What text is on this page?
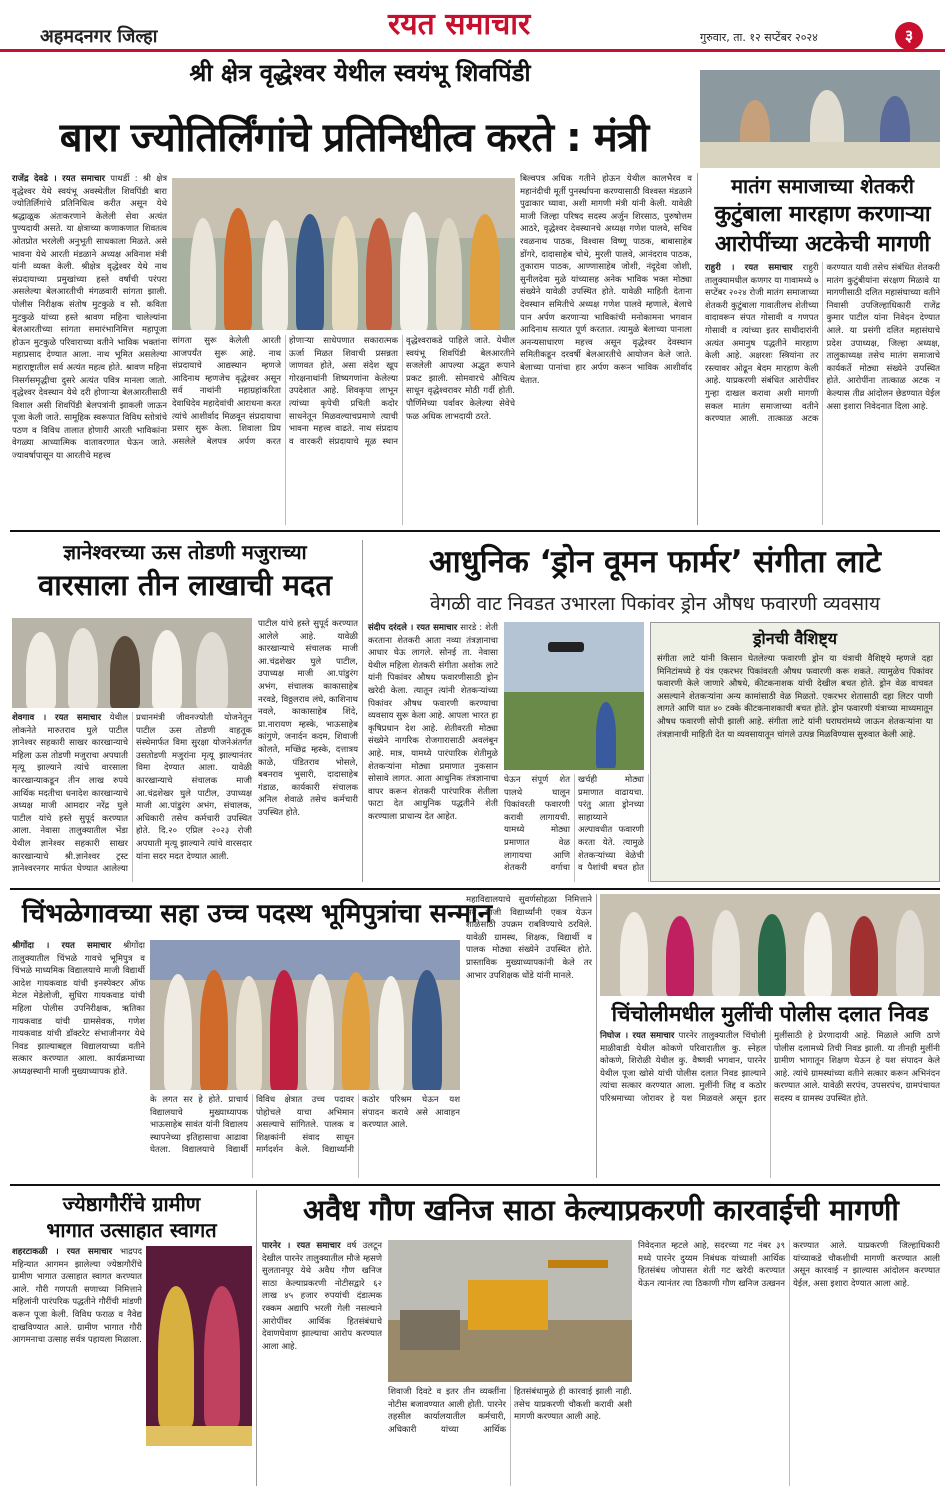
अहमदनगर जिल्हा	रयत समाचार	गुरुवार, ता. १२ सप्टेंबर २०२४	३
श्री क्षेत्र वृद्धेश्वर येथील स्वयंभू शिवपिंडी
बारा ज्योतिर्लिंगांचे प्रतिनिधीत्व करते : मंत्री
राजेंद्र देवढे । रयत समाचार पाथर्डी : श्री क्षेत्र वृद्धेश्वर येथे स्वयंभू अवस्थेतील शिवपिंडी बारा ज्योतिर्लिंगांचे प्रतिनिधित्व करीत असून येथे श्रद्धाळूक अंतःकरणाने केलेली सेवा अत्यंत पुण्यदायी असते. या क्षेत्राच्या कणाकणात शिवतत्व ओतप्रोत भरलेली अनुभूती साधकाला मिळते. असे भावना येथे आरती मंडळाने अध्यक्ष अविनाश मंत्री यांनी व्यक्त केली. श्रीक्षेत्र वृद्धेश्वर येथे नाथ संप्रदायाच्या प्रमुखांच्या हस्ते वर्षांची परंपरा असलेल्या बेलआरतीची मंगळवारी सांगता झाली. पोलीस निरीक्षक संतोष मुटकुळे व सौ. कविता मुटकुळे यांच्या हस्ते श्रावण महिना चालेल्यांना बेलआरतीच्या सांगता समारंभानिमित्त महापूजा होऊन मुटकुळे परिवाराच्या वतीने भाविक भक्तांना महाप्रसाद देण्यात आला. नाथ भूमित असलेल्या महाराष्ट्रातील सर्व अत्यंत महत्व होते. श्रावण महिना निसर्गसमृद्धीचा दुसरे अत्यंत पवित्र मानला जातो. वृद्धेश्वर देवस्थान येथे दरी होणाऱ्या बेलआरतीसाठी विशाल असी शिवपिंडी बेलपत्रांनी झाकली जाऊन पूजा केली जाते. सामूहिक स्वरूपात विविध स्तोत्रांचे पठण व विविध तालात होणारी आरती भाविकांना वेगळ्या आध्यात्मिक वातावरणात घेऊन जाते. ज्यावर्षापासून या आरतीचे महत्त्व
सांगता सुरू केलेली आरती आजपर्यंत सुरू आहे. नाथ संप्रदायाचे आद्यस्थान म्हणजे आदिनाथ म्हणजेच वृद्धेश्वर असून सर्व नाथांनी महाग्रहांकरिता देवाधिदेव महादेवांची आराधना करत त्यांचे आशीर्वाद मिळवून संप्रदायाचा प्रसार सुरू केला. शिवाला प्रिय असलेले बेलपत्र अर्पण करत होणाऱ्या साधेपणात सकारात्मक ऊर्जा मिळत शिवाची प्रसन्नता जाणवत होते, असा संदेश खूप गोरक्षनाथांनी शिष्यगणांना केलेल्या उपदेशात आहे. शिवकृपा लाभून त्यांच्या कृपेची प्रचिती कदोर साधनेतून मिळवल्याचप्रमाणे त्याची भावना महत्त्व वाढते. नाथ संप्रदाय व वारकरी संप्रदायाचे मूळ स्थान वृद्धेश्वराकडे पाहिले जाते. येथील स्वयंभू शिवपिंडी बेलआरतीने सजलेली आपल्या अद्भुत रूपाने प्रकट झाली. सोमवारचे औचित्य साधून वृद्धेश्वरावर मोठी गर्दी होती. पौर्णिमेच्या पर्वावर केलेल्या सेवेचे फळ अधिक लाभदायी ठरते.
बिल्वपत्र अधिक गतीने होऊन येथील कालभैरव व महानंदीची मूर्ती पुनर्स्थापना करण्यासाठी विश्वस्त मंडळाने पुढाकार घ्यावा, अशी मागणी मंत्री यांनी केली. यावेळी माजी जिल्हा परिषद सदस्य अर्जुन शिरसाठ, पुरुषोत्तम आठरे, वृद्धेश्वर देवस्थानचे अध्यक्ष गणेश पालवे, सचिव रवळनाथ पाठक, विश्वास विष्णू पाठक, बाबासाहेब डोंगरे, दादासाहेब चोथे, मुरली पालवे, आनंदराव पाठक, तुकाराम पाठक, आण्णासाहेब जोशी, नंदूदेवा जोशी, सुनीलदेवा मुळे यांच्यासह अनेक भाविक भक्त मोठ्या संख्येने यावेळी उपस्थित होते. यावेळी माहिती देताना देवस्थान समितीचे अध्यक्ष गणेश पालवे म्हणाले, बेलाचे पान अर्पण करणाऱ्या भाविकांची मनोकामना भगवान आदिनाथ सत्यात पूर्ण करतात. त्यामुळे बेलाच्या पानाला अनन्यसाधारण महत्त्व असून वृद्धेश्वर देवस्थान समितीकडून दरवर्षी बेलआरतीचे आयोजन केले जाते. बेलाच्या पानांचा हार अर्पण करून भाविक आशीर्वाद घेतात.
मातंग समाजाच्या शेतकरी
कुटुंबाला मारहाण करणाऱ्या
आरोपींच्या अटकेची मागणी
राहुरी । रयत समाचार राहुरी तालुक्यामधील कणगर या गावामध्ये ७ सप्टेंबर २०२४ रोजी मातंग समाजाच्या शेतकरी कुटुंबाला गावातीलच शेतीच्या वादावरून संपत गोसावी व गणपत गोसावी व त्यांच्या इतर साथीदारांनी अत्यंत अमानुष पद्धतीने मारहाण केली आहे. अक्षरशः स्त्रियांना तर रस्त्यावर ओढून बेदम मारहाण केली आहे. याप्रकरणी संबंधित आरोपींवर गुन्हा दाखल करावा अशी मागणी सकल मातंग समाजाच्या वतीने करण्यात आली. तात्काळ अटक करण्यात यावी तसेच संबंधित शेतकरी मातंग कुटुंबीयांना संरक्षण मिळावे या मागणीसाठी दलित महासंघाच्या वतीने निवासी उपजिल्हाधिकारी राजेंद्र कुमार पाटील यांना निवेदन देण्यात आले. या प्रसंगी दलित महासंघाचे प्रदेश उपाध्यक्ष, जिल्हा अध्यक्ष, तालुकाध्यक्ष तसेच मातंग समाजाचे कार्यकर्ते मोठ्या संख्येने उपस्थित होते. आरोपींना तात्काळ अटक न केल्यास तीव्र आंदोलन छेडण्यात येईल असा इशारा निवेदनात दिला आहे.
ज्ञानेश्वरच्या ऊस तोडणी मजुराच्या
वारसाला तीन लाखाची मदत
शेवगाव । रयत समाचार येथील लोकनेते मारुतराव घुले पाटील ज्ञानेश्वर सहकारी साखर कारखान्याचे महिला ऊस तोडणी मजुराचा अपघाती मृत्यू झाल्याने त्यांचे वारसाला कारखान्याकडून तीन लाख रुपये आर्थिक मदतीचा धनादेश कारखान्याचे अध्यक्ष माजी आमदार नरेंद्र घुले पाटील यांचे हस्ते सुपूर्द करण्यात आला. नेवासा तालुक्यातील भेंडा येथील ज्ञानेश्वर सहकारी साखर कारखान्याचे श्री.ज्ञानेश्वर ट्रस्ट ज्ञानेश्वरनगर मार्फत घेण्यात आलेल्या प्रधानमंत्री जीवनज्योती योजनेतून पाटील ऊस तोडणी वाहतूक संस्थेमार्फत विमा सुरक्षा योजनेअंतर्गत उसतोडणी मजुरांना मृत्यू झाल्यानंतर विमा देण्यात आला. यावेळी कारखान्याचे संचालक माजी आ.चंद्रशेखर घुले पाटील, उपाध्यक्ष माजी आ.पांडुरंग अभंग, संचालक, अधिकारी तसेच कर्मचारी उपस्थित होते. दि.२० एप्रिल २०२३ रोजी अपघाती मृत्यू झाल्याने त्यांचे वारसदार यांना सदर मदत देण्यात आली.
पाटील यांचे हस्ते सुपूर्द करण्यात आलेले आहे. यावेळी कारखान्याचे संचालक माजी आ.चंद्रशेखर घुले पाटील, उपाध्यक्ष माजी आ.पांडुरंग अभंग, संचालक काकासाहेब नरवडे, विठ्ठलराव लंघे, काशिनाथ नवले, काकासाहेब शिंदे, प्रा.नारायण म्हस्के, भाऊसाहेब कांगुणे, जनार्दन कदम, शिवाजी कोलते, मच्छिंद्र म्हस्के, दत्तात्रय काळे, पंडितराव भोसले, बबनराव भुसारी, दादासाहेब गंडाळ, कार्यकारी संचालक अनिल शेवाळे तसेच कर्मचारी उपस्थित होते.
आधुनिक ‘ड्रोन वूमन फार्मर’ संगीता लाटे
वेगळी वाट निवडत उभारला पिकांवर ड्रोन औषध फवारणी व्यवसाय
संदीप दरंदले । रयत समाचार सारडे : शेती करताना शेतकरी आता नव्या तंत्रज्ञानाचा आधार घेऊ लागले. सोनई ता. नेवासा येथील महिला शेतकरी संगीता अशोक लाटे यांनी पिकांवर औषध फवारणीसाठी ड्रोन खरेदी केला. त्यातून त्यांनी शेतकऱ्यांच्या पिकांवर औषध फवारणी करण्याचा व्यवसाय सुरू केला आहे. आपला भारत हा कृषिप्रधान देश आहे. शेतीवरती मोठ्या संख्येने नागरिक रोजगारासाठी अवलंबून आहे. मात्र, यामध्ये पारंपारिक शेतीमुळे शेतकऱ्यांना मोठ्या प्रमाणात नुकसान सोसावे लागत. आता आधुनिक तंत्रज्ञानाचा वापर करून शेतकरी पारंपारिक शेतीला फाटा देत आधुनिक पद्धतीने शेती करण्याला प्राधान्य देत आहेत.
घेऊन संपूर्ण शेत पालथे घालून पिकांवरती फवारणी करावी लागायची. यामध्ये मोठ्या प्रमाणात वेळ लागायचा आणि शेतकरी वर्गाचा खर्चही मोठ्या प्रमाणात वाढायचा. परंतु आता ड्रोनच्या साहाय्याने अल्पावधीत फवारणी करता येते. त्यामुळे शेतकऱ्यांच्या वेळेची व पैशांची बचत होत
ड्रोनची वैशिष्ट्य
संगीता लाटे यांनी किसान घेतलेल्या फवारणी ड्रोन या यंत्राची वैशिष्ट्ये म्हणजे दहा मिनिटांमध्ये हे यंत्र एकरभर पिकांवरती औषध फवारणी करू शकते. त्यामुळेच पिकांवर फवारणी केले जाणारे औषधे, कीटकनाशक यांची देखील बचत होते. ड्रोन वेळ वाचवत असल्याने शेतकऱ्यांना अन्य कामांसाठी वेळ मिळतो. एकरभर शेतासाठी दहा लिटर पाणी लागते आणि यात ४० टक्के कीटकनाशकाची बचत होते. ड्रोन फवारणी यंत्राच्या माध्यमातून औषध फवारणी सोपी झाली आहे. संगीता लाटे यांनी घराघरांमध्ये जाऊन शेतकऱ्यांना या तंत्रज्ञानाची माहिती देत या व्यवसायातून चांगले उत्पन्न मिळविण्यास सुरुवात केली आहे.
चिंभळेगावच्या सहा उच्च पदस्थ भूमिपुत्रांचा सन्मान
श्रीगोंदा । रयत समाचार श्रीगोंदा तालुक्यातील चिंभळे गावचे भूमिपुत्र व चिंभळे माध्यमिक विद्यालयाचे माजी विद्यार्थी आदेश गायकवाड यांची इनस्पेक्टर ऑफ मेटल मेडेलोजी, सुधिरा गायकवाड यांची महिला पोलीस उपनिरीक्षक, ऋतिका गायकवाड यांची ग्रामसेवक, गणेश गायकवाड यांची डॉक्टरेट संभाजीनगर येथे निवड झाल्याबद्दल विद्यालयाच्या वतीने सत्कार करण्यात आला. कार्यक्रमाच्या अध्यक्षस्थानी माजी मुख्याध्यापक होते.
के लगत सर हे होते. प्राचार्य विद्यालयाचे मुख्याध्यापक भाऊसाहेब सावंत यांनी विद्यालय स्थापनेच्या इतिहासाचा आढावा घेतला. विद्यालयाचे विद्यार्थी विविध क्षेत्रात उच्च पदावर पोहोचले याचा अभिमान असल्याचे सांगितले. पालक व शिक्षकांनी संवाद साधून मार्गदर्शन केले. विद्यार्थ्यांनी कठोर परिश्रम घेऊन यश संपादन करावे असे आवाहन करण्यात आले.
महाविद्यालयाचे सुवर्णसोहळा निमित्ताने सर्व माजी विद्यार्थ्यांनी एकत्र येऊन शाळेसाठी उपक्रम राबविण्याचे ठरविले. यावेळी ग्रामस्थ, शिक्षक, विद्यार्थी व पालक मोठ्या संख्येने उपस्थित होते. प्रास्ताविक मुख्याध्यापकांनी केले तर आभार उपशिक्षक धोंडे यांनी मानले.
चिंचोलीमधील मुलींची पोलीस दलात निवड
निघोज । रयत समाचार पारनेर तालुक्यातील चिंचोली माळीवाडी येथील कोकणे परिवारातील कु. स्नेहल कोकणे, शिरोळी येथील कु. वैष्णवी भगवान, पारनेर येथील पूजा खोसे यांची पोलीस दलात निवड झाल्याने त्यांचा सत्कार करण्यात आला. मुलींनी जिद्द व कठोर परिश्रमाच्या जोरावर हे यश मिळवले असून इतर मुलींसाठी हे प्रेरणादायी आहे. मिळाले आणि ठाणे पोलीस दलामध्ये तिची निवड झाली. या तीनही मुलींनी ग्रामीण भागातून शिक्षण घेऊन हे यश संपादन केले आहे. त्यांचे ग्रामस्थांच्या वतीने सत्कार करून अभिनंदन करण्यात आले. यावेळी सरपंच, उपसरपंच, ग्रामपंचायत सदस्य व ग्रामस्थ उपस्थित होते.
ज्येष्ठागौरींचे ग्रामीण
भागात उत्साहात स्वागत
शहरटाकळी । रयत समाचार भाद्रपद महिन्यात आगमन झालेल्या ज्येष्ठागौरींचे ग्रामीण भागात उत्साहात स्वागत करण्यात आले. गौरी गणपती सणाच्या निमित्ताने महिलांनी पारंपरिक पद्धतीने गौरींची मांडणी करून पूजा केली. विविध फराळ व नैवेद्य दाखविण्यात आले. ग्रामीण भागात गौरी आगमनाचा उत्साह सर्वत्र पहायला मिळाला.
अवैध गौण खनिज साठा केल्याप्रकरणी कारवाईची मागणी
पारनेर । रयत समाचार वर्ष उलटून देखील पारनेर तालुक्यातील मौजे म्हसणे सुलतानपूर येथे अवैध गौण खनिज साठा केल्याप्रकरणी नोटीसद्वारे ६२ लाख ४५ हजार रुपयांची दंडात्मक रक्कम अद्यापि भरली गेली नसल्याने आरोपींवर आर्थिक हितसंबंधाचे देवाणघेवाण झाल्याचा आरोप करण्यात आला आहे.
शिवाजी दिवटे व इतर तीन व्यक्तींना नोटीस बजावण्यात आली होती. पारनेर तहसील कार्यालयातील कर्मचारी, अधिकारी यांच्या आर्थिक हितसंबंधामुळे ही कारवाई झाली नाही. तसेच याप्रकरणी चौकशी करावी अशी मागणी करण्यात आली आहे.
निवेदनात म्हटले आहे, सदरच्या गट नंबर ३९ मध्ये पारनेर दुय्यम निबंधक यांच्याशी आर्थिक हितसंबंध जोपासत शेती गट खरेदी करण्यात येऊन त्यानंतर त्या ठिकाणी गौण खनिज उत्खनन करण्यात आले. याप्रकरणी जिल्हाधिकारी यांच्याकडे चौकशीची मागणी करण्यात आली असून कारवाई न झाल्यास आंदोलन करण्यात येईल, असा इशारा देण्यात आला आहे.
